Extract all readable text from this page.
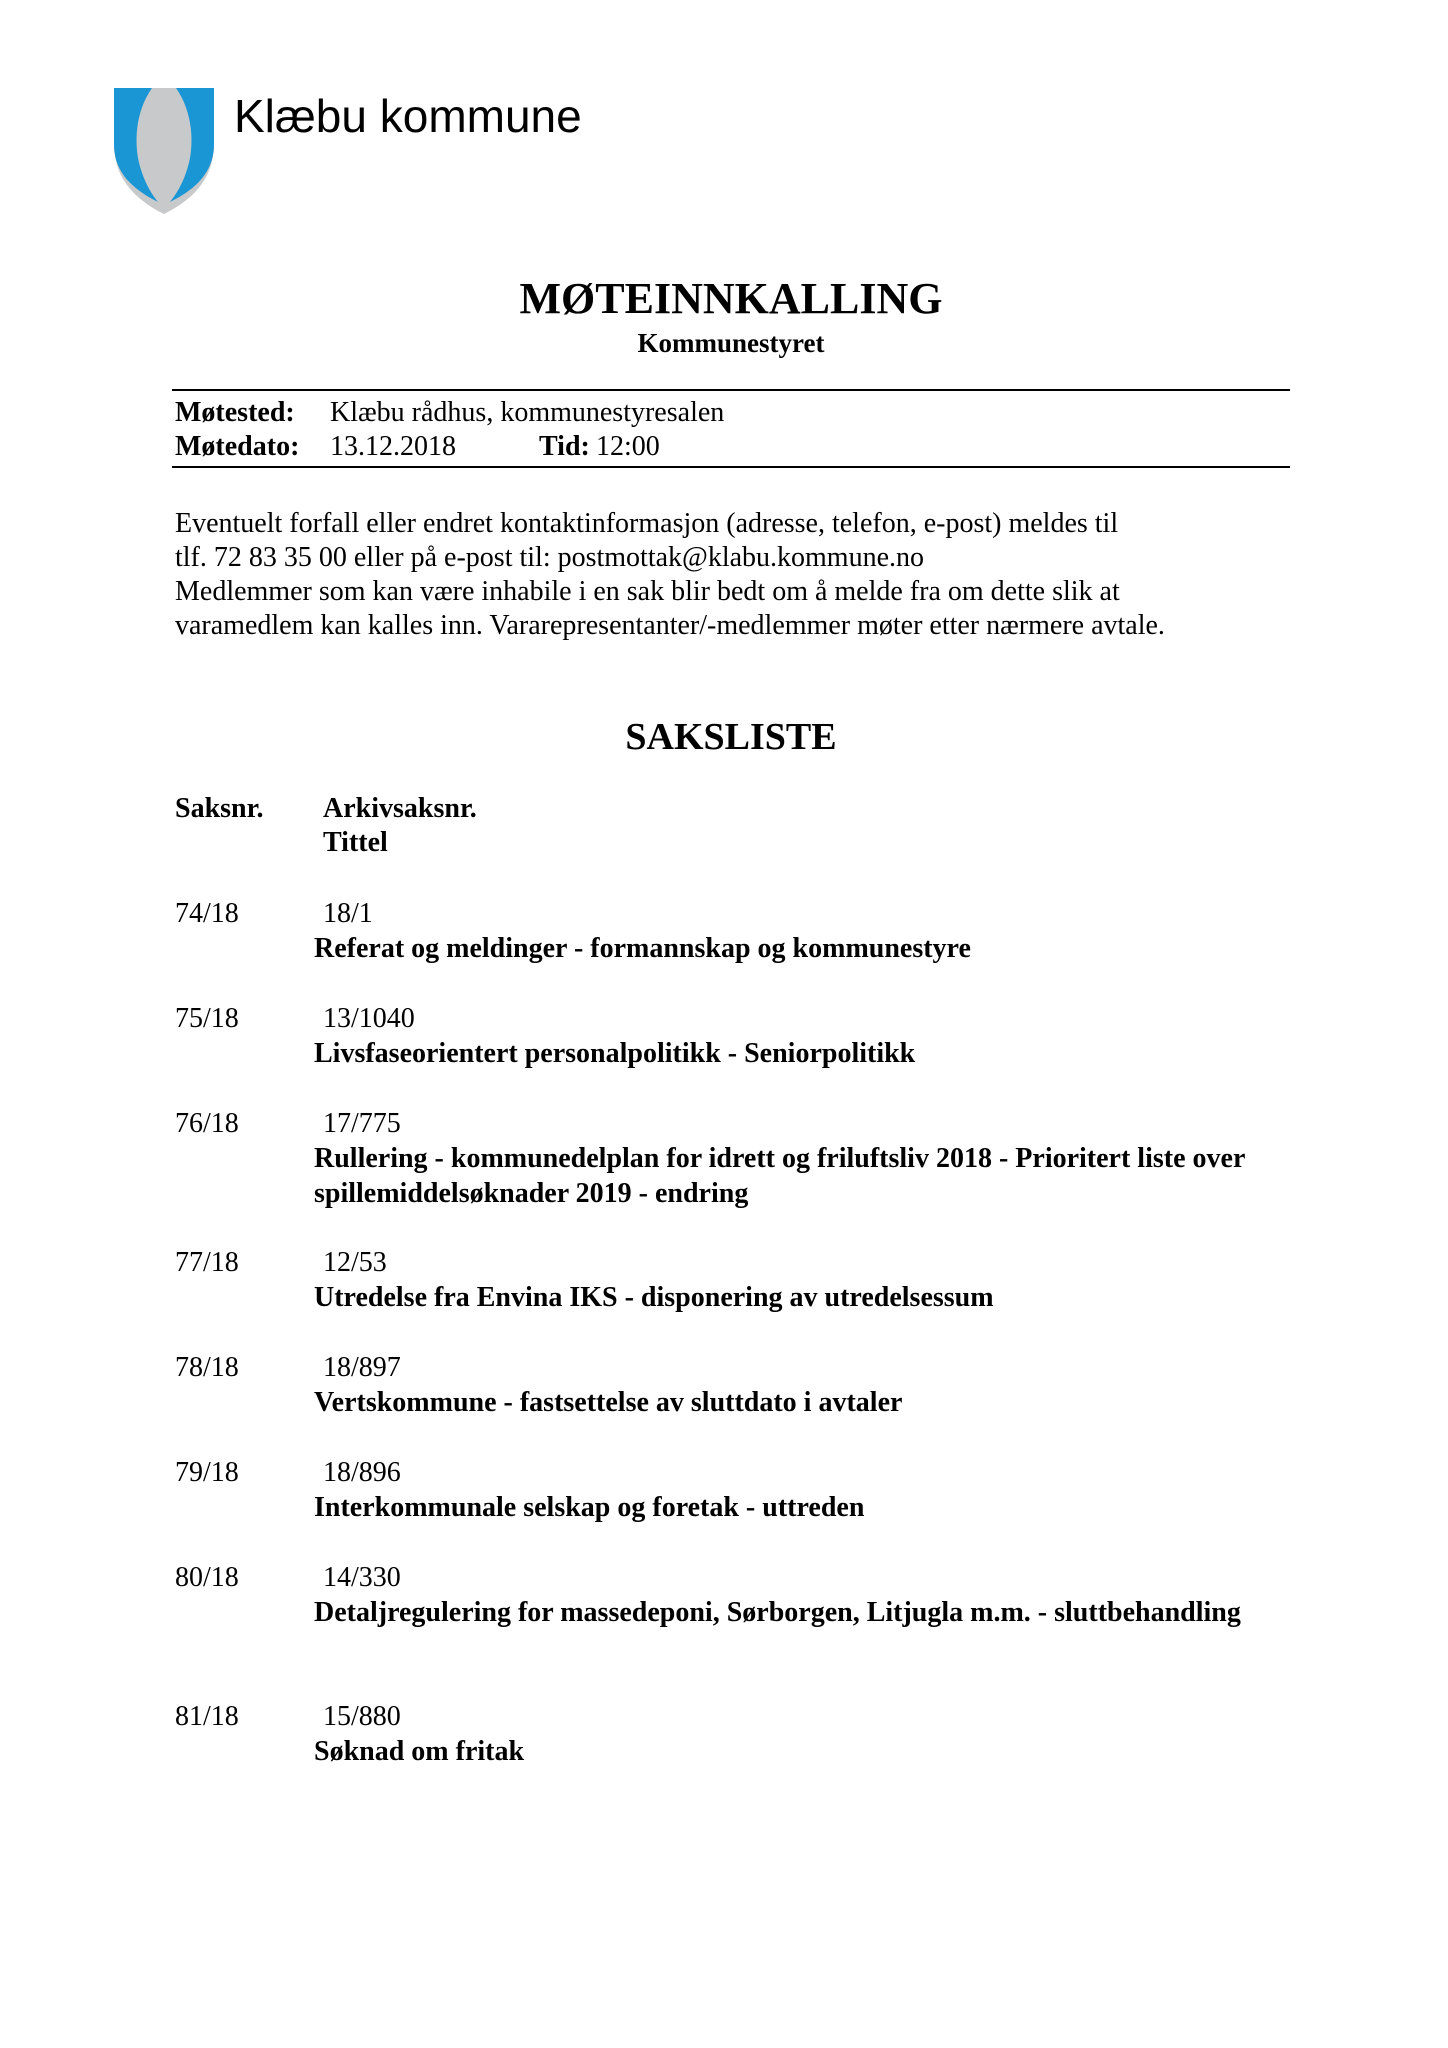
Klæbu kommune
MØTEINNKALLING
Kommunestyret
Møtested: Klæbu rådhus, kommunestyresalen
Møtedato: 13.12.2018	Tid: 12:00
Eventuelt forfall eller endret kontaktinformasjon (adresse, telefon, e-post) meldes til
tlf. 72 83 35 00 eller på e-post til: postmottak@klabu.kommune.no
Medlemmer som kan være inhabile i en sak blir bedt om å melde fra om dette slik at
varamedlem kan kalles inn. Vararepresentanter/-medlemmer møter etter nærmere avtale.
SAKSLISTE
Saksnr. Arkivsaksnr.
Tittel
74/18	18/1
Referat og meldinger - formannskap og kommunestyre
75/18	13/1040
Livsfaseorientert personalpolitikk - Seniorpolitikk
76/18	17/775
Rullering - kommunedelplan for idrett og friluftsliv 2018 - Prioritert liste over spillemiddelsøknader 2019 - endring
77/18	12/53
Utredelse fra Envina IKS - disponering av utredelsessum
78/18	18/897
Vertskommune - fastsettelse av sluttdato i avtaler
79/18	18/896
Interkommunale selskap og foretak - uttreden
80/18	14/330
Detaljregulering for massedeponi, Sørborgen, Litjugla m.m. - sluttbehandling
81/18	15/880
Søknad om fritak
